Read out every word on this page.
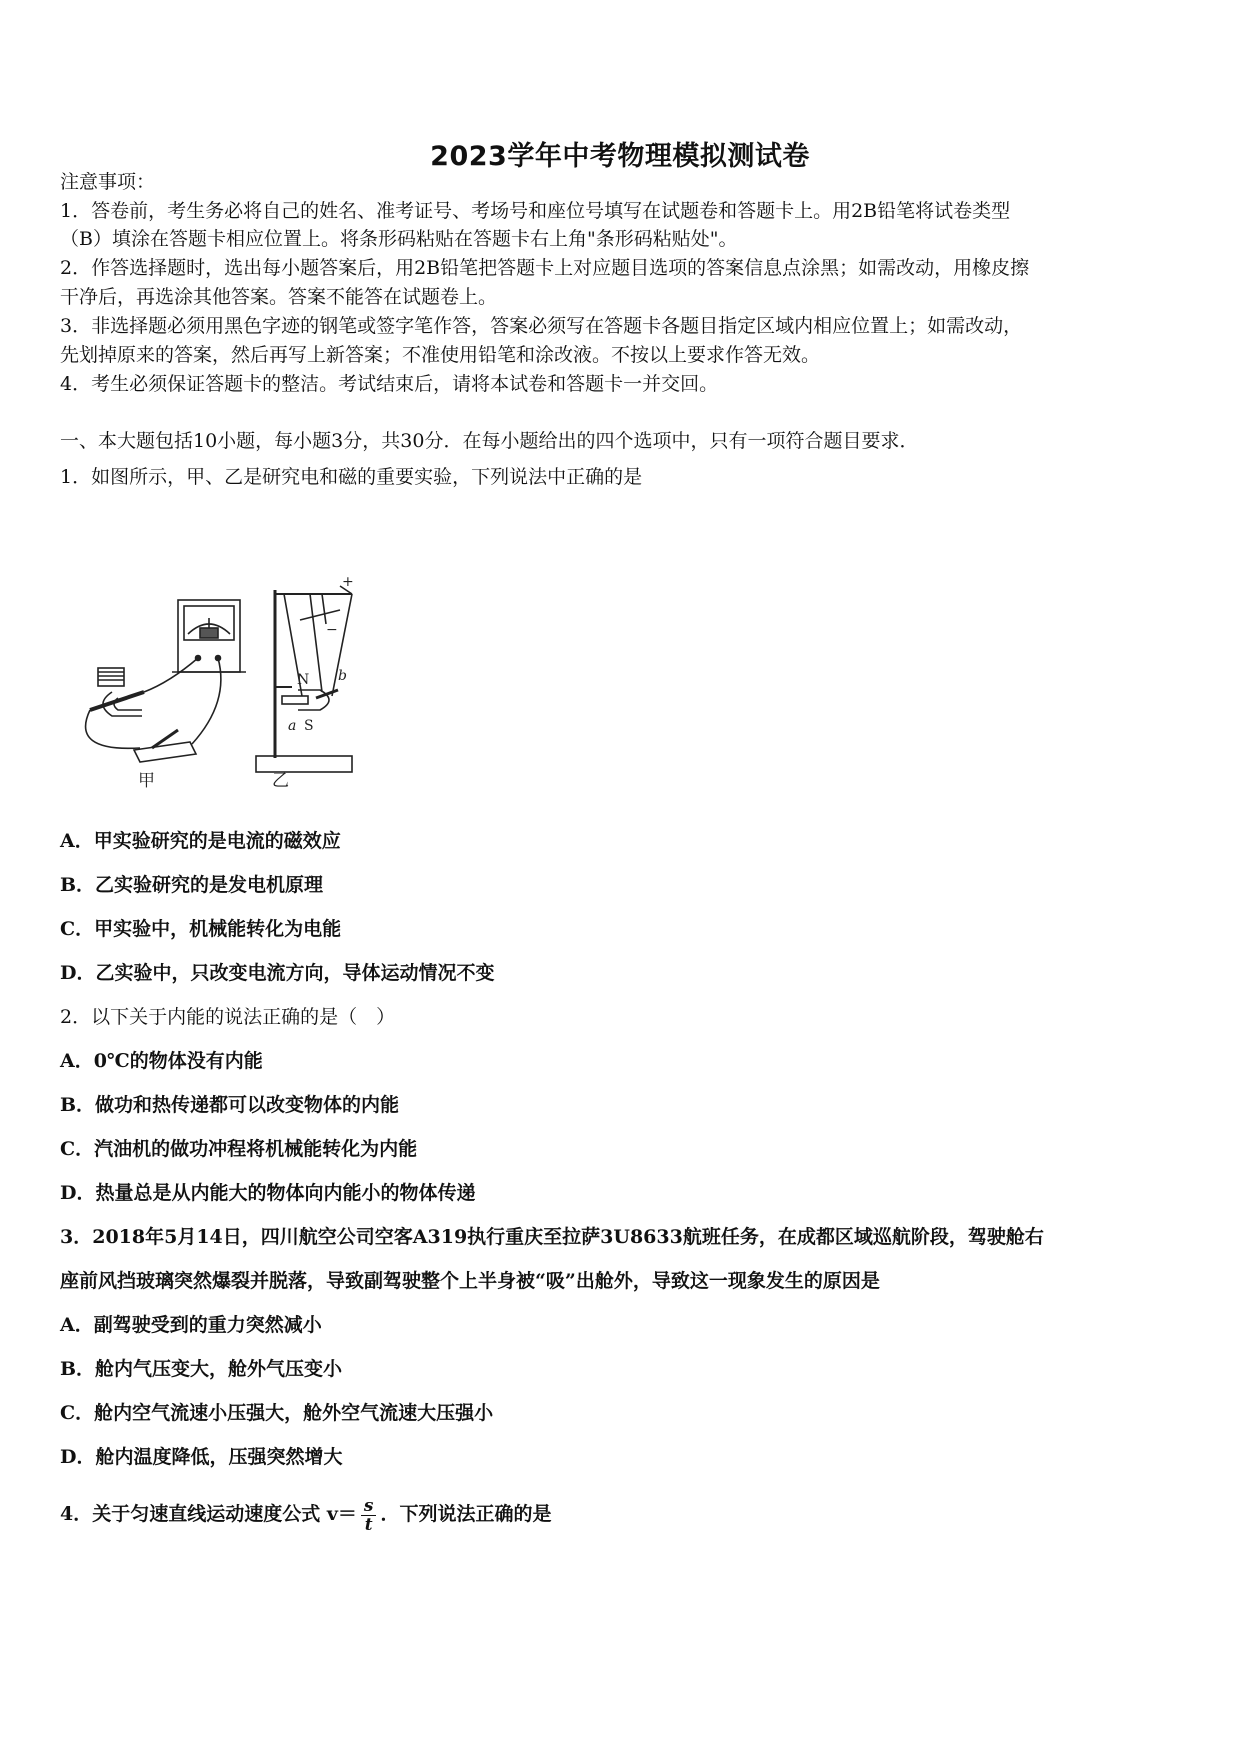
2023学年中考物理模拟测试卷
注意事项：
1．答卷前，考生务必将自己的姓名、准考证号、考场号和座位号填写在试题卷和答题卡上。用2B铅笔将试卷类型
（B）填涂在答题卡相应位置上。将条形码粘贴在答题卡右上角"条形码粘贴处"。
2．作答选择题时，选出每小题答案后，用2B铅笔把答题卡上对应题目选项的答案信息点涂黑；如需改动，用橡皮擦
干净后，再选涂其他答案。答案不能答在试题卷上。
3．非选择题必须用黑色字迹的钢笔或签字笔作答，答案必须写在答题卡各题目指定区域内相应位置上；如需改动，
先划掉原来的答案，然后再写上新答案；不准使用铅笔和涂改液。不按以上要求作答无效。
4．考生必须保证答题卡的整洁。考试结束后，请将本试卷和答题卡一并交回。
一、本大题包括10小题，每小题3分，共30分．在每小题给出的四个选项中，只有一项符合题目要求．
1．如图所示，甲、乙是研究电和磁的重要实验，下列说法中正确的是
+
−
N
S
a
b
甲	乙
A．甲实验研究的是电流的磁效应
B．乙实验研究的是发电机原理
C．甲实验中，机械能转化为电能
D．乙实验中，只改变电流方向，导体运动情况不变
2．以下关于内能的说法正确的是（　）
A．0℃的物体没有内能
B．做功和热传递都可以改变物体的内能
C．汽油机的做功冲程将机械能转化为内能
D．热量总是从内能大的物体向内能小的物体传递
3．2018年5月14日，四川航空公司空客A319执行重庆至拉萨3U8633航班任务，在成都区域巡航阶段，驾驶舱右
座前风挡玻璃突然爆裂并脱落，导致副驾驶整个上半身被“吸”出舱外，导致这一现象发生的原因是
A．副驾驶受到的重力突然减小
B．舱内气压变大，舱外气压变小
C．舱内空气流速小压强大，舱外空气流速大压强小
D．舱内温度降低，压强突然增大
4．关于匀速直线运动速度公式 $v= \frac{s}{t}$ ．下列说法正确的是
